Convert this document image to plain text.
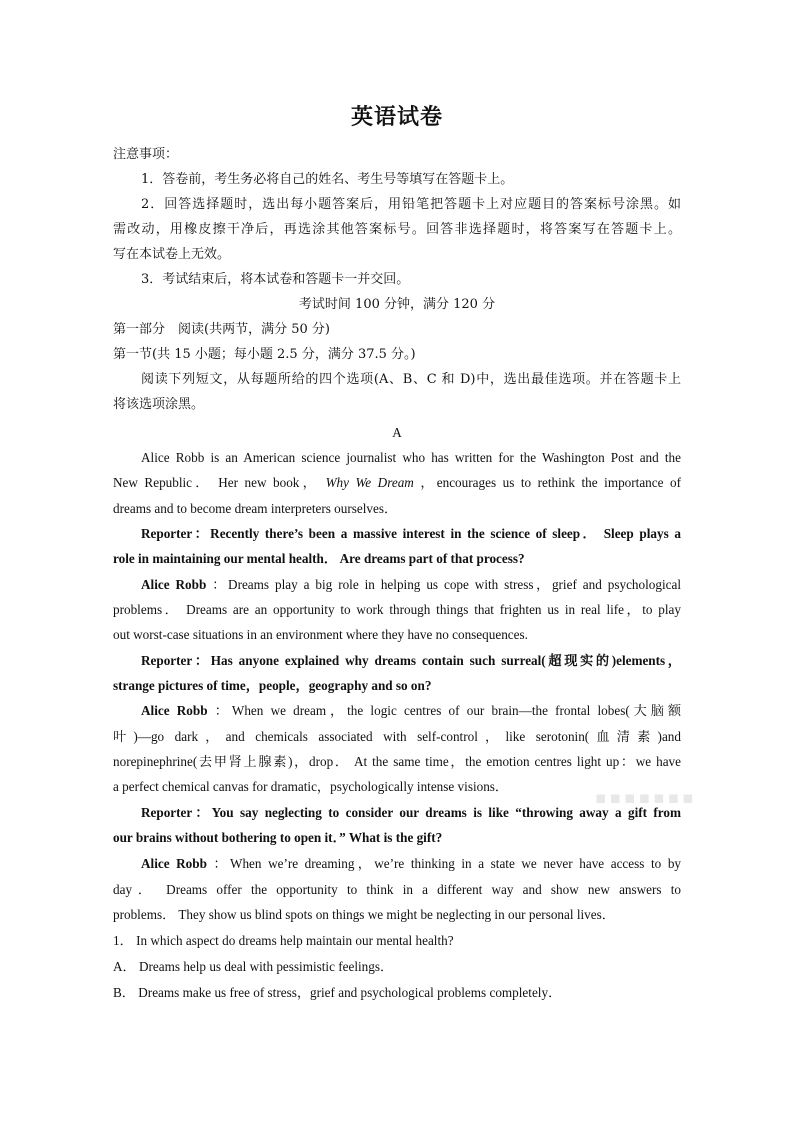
英语试卷
注意事项：
1．答卷前，考生务必将自己的姓名、考生号等填写在答题卡上。
2．回答选择题时，选出每小题答案后，用铅笔把答题卡上对应题目的答案标号涂黑。如
需改动，用橡皮擦干净后，再选涂其他答案标号。回答非选择题时，将答案写在答题卡上。
写在本试卷上无效。
3．考试结束后，将本试卷和答题卡一并交回。
考试时间 100 分钟，满分 120 分
第一部分　阅读(共两节，满分 50 分)
第一节(共 15 小题；每小题 2.5 分，满分 37.5 分。)
阅读下列短文，从每题所给的四个选项(A、B、C 和 D)中，选出最佳选项。并在答题卡上
将该选项涂黑。
A
Alice Robb is an American science journalist who has written for the Washington Post and the
New Republic． Her new book， Why We Dream ，encourages us to rethink the importance of
dreams and to become dream interpreters ourselves．
Reporter：Recently there’s been a massive interest in the science of sleep． Sleep plays a
role in maintaining our mental health． Are dreams part of that process?
Alice Robb ：Dreams play a big role in helping us cope with stress，grief and psychological
problems． Dreams are an opportunity to work through things that frighten us in real life，to play
out worst-case situations in an environment where they have no consequences.
Reporter：Has anyone explained why dreams contain such surreal(超现实的)elements，
strange pictures of time，people，geography and so on?
Alice Robb ：When we dream，the logic centres of our brain—the frontal lobes(大脑额
叶)—go dark，and chemicals associated with self-control，like serotonin(血清素)and
norepinephrine(去甲肾上腺素)，drop． At the same time，the emotion centres light up：we have
a perfect chemical canvas for dramatic，psychologically intense visions．
Reporter：You say neglecting to consider our dreams is like “throwing away a gift from
our brains without bothering to open it．” What is the gift?
Alice Robb ：When we’re dreaming，we’re thinking in a state we never have access to by
day． Dreams offer the opportunity to think in a different way and show new answers to
problems． They show us blind spots on things we might be neglecting in our personal lives．
1． In which aspect do dreams help maintain our mental health?
A． Dreams help us deal with pessimistic feelings．
B． Dreams make us free of stress，grief and psychological problems completely．
▪▪▪▪▪▪▪
